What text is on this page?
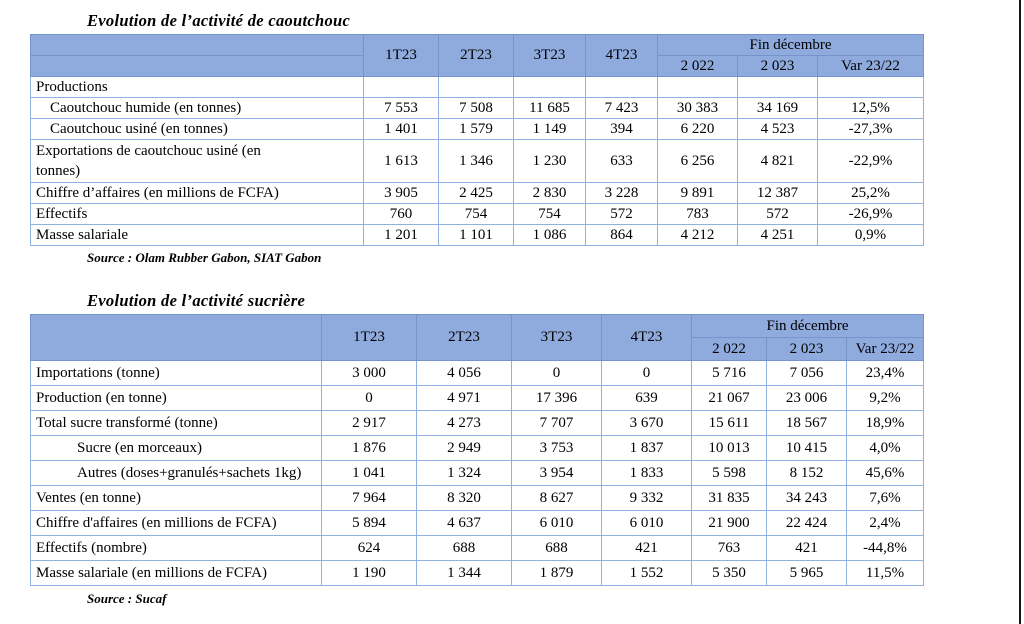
Evolution de l’activité de caoutchouc
	1T23	2T23	3T23	4T23	Fin décembre		
					2 022	2 023	Var 23/22
Productions							
Caoutchouc humide (en tonnes)	7 553	7 508	11 685	7 423	30 383	34 169	12,5%
Caoutchouc usiné (en tonnes)	1 401	1 579	1 149	394	6 220	4 523	-27,3%
Exportations de caoutchouc usiné (en tonnes)	1 613	1 346	1 230	633	6 256	4 821	-22,9%
Chiffre d’affaires (en millions de FCFA)	3 905	2 425	2 830	3 228	9 891	12 387	25,2%
Effectifs	760	754	754	572	783	572	-26,9%
Masse salariale	1 201	1 101	1 086	864	4 212	4 251	0,9%

Source : Olam Rubber Gabon, SIAT Gabon

Evolution de l’activité sucrière
	1T23	2T23	3T23	4T23	Fin décembre		
					2 022	2 023	Var 23/22
Importations (tonne)	3 000	4 056	0	0	5 716	7 056	23,4%
Production (en tonne)	0	4 971	17 396	639	21 067	23 006	9,2%
Total sucre transformé (tonne)	2 917	4 273	7 707	3 670	15 611	18 567	18,9%
Sucre (en morceaux)	1 876	2 949	3 753	1 837	10 013	10 415	4,0%
Autres (doses+granulés+sachets 1kg)	1 041	1 324	3 954	1 833	5 598	8 152	45,6%
Ventes (en tonne)	7 964	8 320	8 627	9 332	31 835	34 243	7,6%
Chiffre d'affaires (en millions de FCFA)	5 894	4 637	6 010	6 010	21 900	22 424	2,4%
Effectifs (nombre)	624	688	688	421	763	421	-44,8%
Masse salariale (en millions de FCFA)	1 190	1 344	1 879	1 552	5 350	5 965	11,5%

Source : Sucaf
